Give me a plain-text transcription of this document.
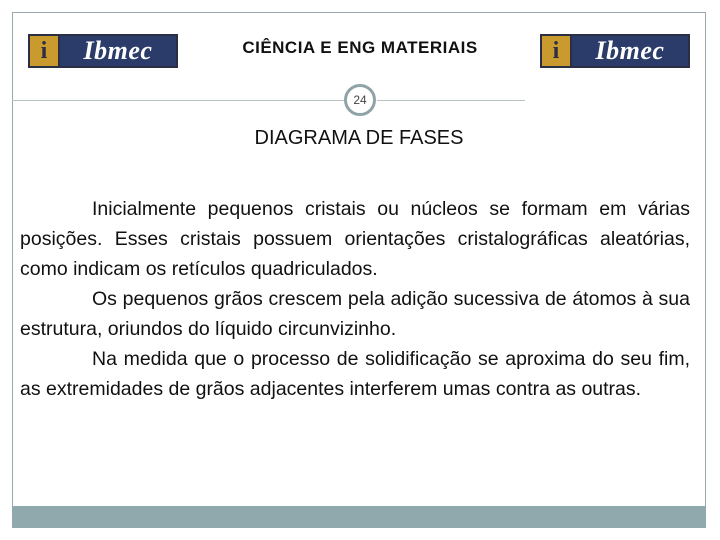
i	Ibmec	CIÊNCIA E ENG MATERIAIS	i	Ibmec
24
DIAGRAMA DE FASES

Inicialmente pequenos cristais ou núcleos se formam em várias posições. Esses cristais possuem orientações cristalográficas aleatórias, como indicam os retículos quadriculados.

Os pequenos grãos crescem pela adição sucessiva de átomos à sua estrutura, oriundos do líquido circunvizinho.

Na medida que o processo de solidificação se aproxima do seu fim, as extremidades de grãos adjacentes interferem umas contra as outras.
